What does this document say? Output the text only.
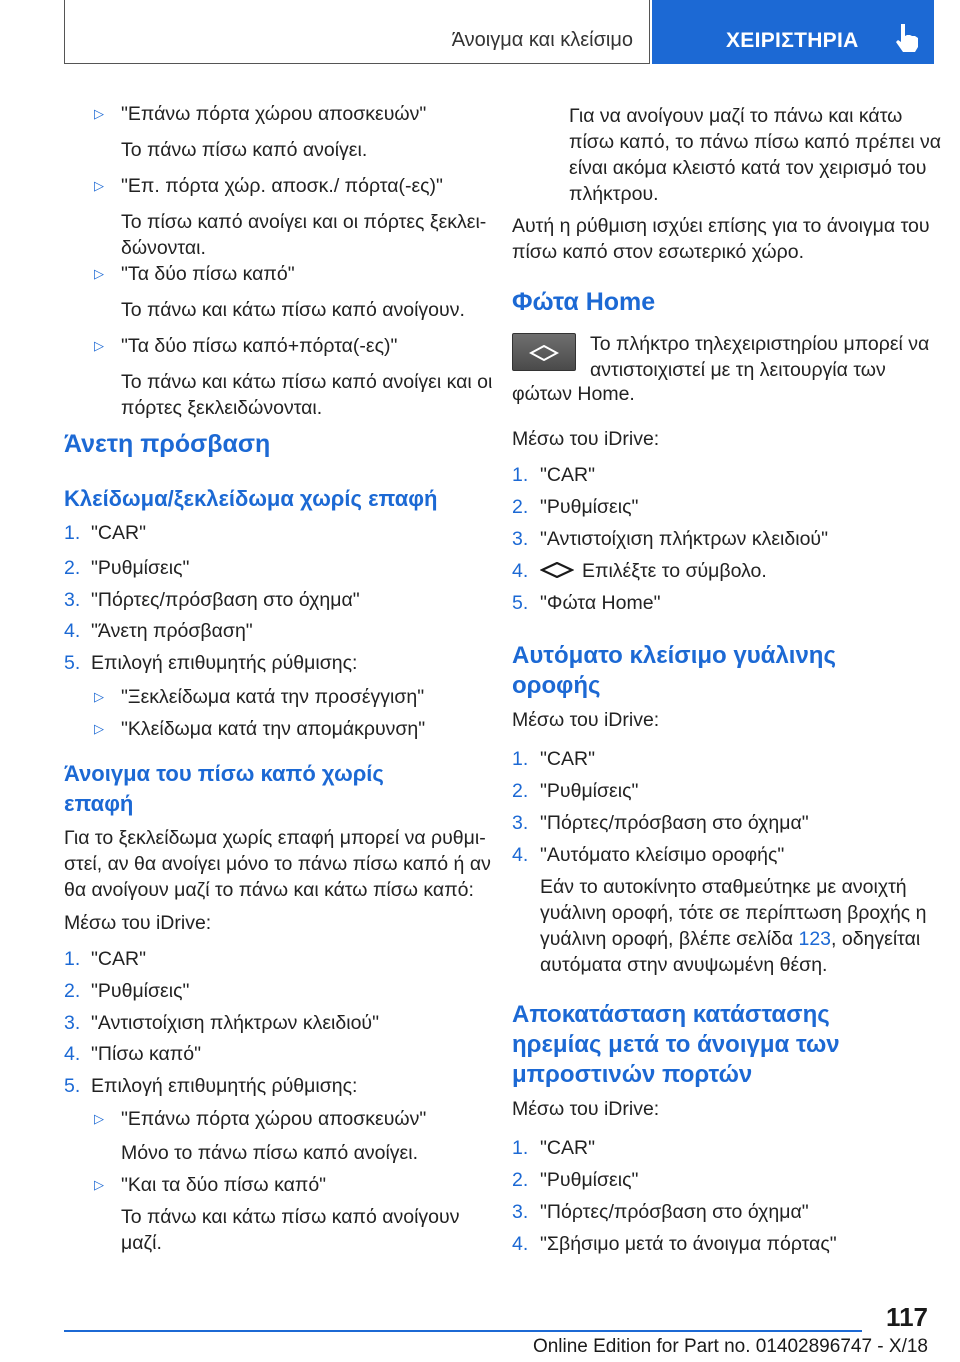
Άνοιγμα και κλείσιμο	ΧΕΙΡΙΣΤΗΡΙΑ
▷ "Επάνω πόρτα χώρου αποσκευών"
Το πάνω πίσω καπό ανοίγει.
▷ "Επ. πόρτα χώρ. αποσκ./ πόρτα(-ες)"
Το πίσω καπό ανοίγει και οι πόρτες ξεκλει-
δώνονται.
▷ "Τα δύο πίσω καπό"
Το πάνω και κάτω πίσω καπό ανοίγουν.
▷ "Τα δύο πίσω καπό+πόρτα(-ες)"
Το πάνω και κάτω πίσω καπό ανοίγει και οι
πόρτες ξεκλειδώνονται.
Άνετη πρόσβαση
Κλείδωμα/ξεκλείδωμα χωρίς επαφή
1. "CAR"
2. "Ρυθμίσεις"
3. "Πόρτες/πρόσβαση στο όχημα"
4. "Άνετη πρόσβαση"
5. Επιλογή επιθυμητής ρύθμισης:
▷ "Ξεκλείδωμα κατά την προσέγγιση"
▷ "Κλείδωμα κατά την απομάκρυνση"
Άνοιγμα του πίσω καπό χωρίς
επαφή
Για το ξεκλείδωμα χωρίς επαφή μπορεί να ρυθμι-
στεί, αν θα ανοίγει μόνο το πάνω πίσω καπό ή αν
θα ανοίγουν μαζί το πάνω και κάτω πίσω καπό:
Μέσω του iDrive:
1. "CAR"
2. "Ρυθμίσεις"
3. "Αντιστοίχιση πλήκτρων κλειδιού"
4. "Πίσω καπό"
5. Επιλογή επιθυμητής ρύθμισης:
▷ "Επάνω πόρτα χώρου αποσκευών"
Μόνο το πάνω πίσω καπό ανοίγει.
▷ "Και τα δύο πίσω καπό"
Το πάνω και κάτω πίσω καπό ανοίγουν
μαζί.
Για να ανοίγουν μαζί το πάνω και κάτω
πίσω καπό, το πάνω πίσω καπό πρέπει να
είναι ακόμα κλειστό κατά τον χειρισμό του
πλήκτρου.
Αυτή η ρύθμιση ισχύει επίσης για το άνοιγμα του
πίσω καπό στον εσωτερικό χώρο.
Φώτα Home
Το πλήκτρο τηλεχειριστηρίου μπορεί να
αντιστοιχιστεί με τη λειτουργία των
φώτων Home.
Μέσω του iDrive:
1. "CAR"
2. "Ρυθμίσεις"
3. "Αντιστοίχιση πλήκτρων κλειδιού"
4.	Επιλέξτε το σύμβολο.
5. "Φώτα Home"
Αυτόματο κλείσιμο γυάλινης
οροφής
Μέσω του iDrive:
1. "CAR"
2. "Ρυθμίσεις"
3. "Πόρτες/πρόσβαση στο όχημα"
4. "Αυτόματο κλείσιμο οροφής"
Εάν το αυτοκίνητο σταθμεύτηκε με ανοιχτή
γυάλινη οροφή, τότε σε περίπτωση βροχής η
γυάλινη οροφή, βλέπε σελίδα 123, οδηγείται
αυτόματα στην ανυψωμένη θέση.
Αποκατάσταση κατάστασης
ηρεμίας μετά το άνοιγμα των
μπροστινών πορτών
Μέσω του iDrive:
1. "CAR"
2. "Ρυθμίσεις"
3. "Πόρτες/πρόσβαση στο όχημα"
4. "Σβήσιμο μετά το άνοιγμα πόρτας"
117
Online Edition for Part no. 01402896747 - X/18
